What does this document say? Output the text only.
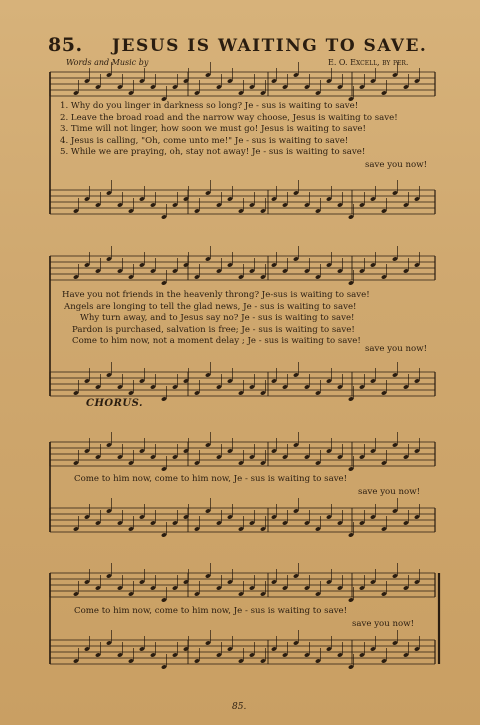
85. JESUS IS WAITING TO SAVE.
Words and Music by	E. O. Excell, by per.
1. Why do you linger in darkness so long? Je - sus is waiting to save!
2. Leave the broad road and the narrow way choose, Jesus is waiting to save!
3. Time will not linger, how soon we must go! Jesus is waiting to save!
4. Jesus is calling, "Oh, come unto me!" Je - sus is waiting to save!
5. While we are praying, oh, stay not away! Je - sus is waiting to save!
save you now!
Have you not friends in the heavenly throng? Je-sus is waiting to save!
Angels are longing to tell the glad news, Je - sus is waiting to save!
Why turn away, and to Jesus say no? Je - sus is waiting to save!
Pardon is purchased, salvation is free; Je - sus is waiting to save!
Come to him now, not a moment delay ; Je - sus is waiting to save!
save you now!
CHORUS.
Come to him now, come to him now, Je - sus is waiting to save!
save you now!
Come to him now, come to him now, Je - sus is waiting to save!
save you now!
85.
